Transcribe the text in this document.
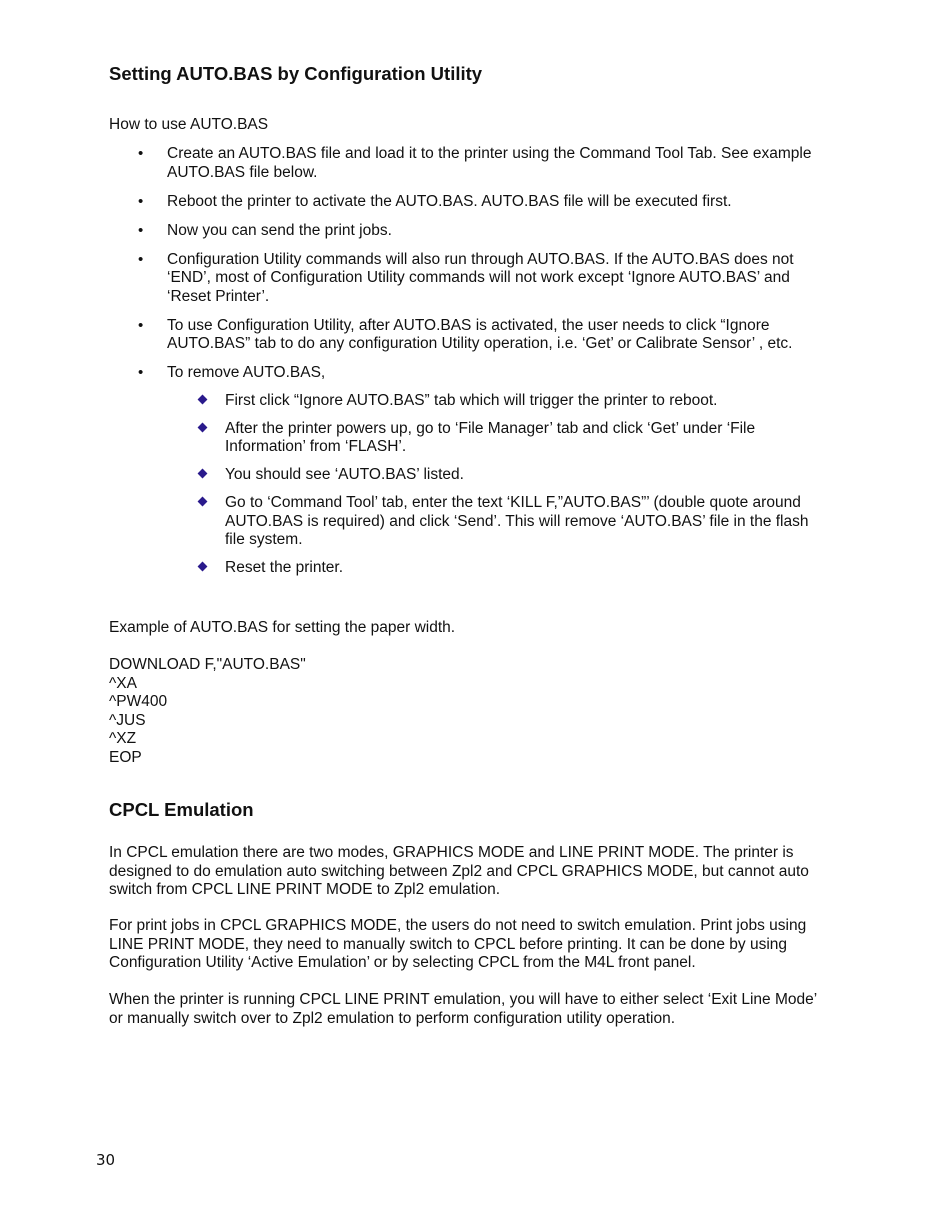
Setting AUTO.BAS by Configuration Utility

How to use AUTO.BAS

• Create an AUTO.BAS file and load it to the printer using the Command Tool Tab. See example AUTO.BAS file below.
• Reboot the printer to activate the AUTO.BAS. AUTO.BAS file will be executed first.
• Now you can send the print jobs.
• Configuration Utility commands will also run through AUTO.BAS. If the AUTO.BAS does not ‘END’, most of Configuration Utility commands will not work except ‘Ignore AUTO.BAS’ and ‘Reset Printer’.
• To use Configuration Utility, after AUTO.BAS is activated, the user needs to click “Ignore AUTO.BAS” tab to do any configuration Utility operation, i.e. ‘Get’ or Calibrate Sensor’ , etc.
• To remove AUTO.BAS,
First click “Ignore AUTO.BAS” tab which will trigger the printer to reboot.
After the printer powers up, go to ‘File Manager’ tab and click ‘Get’ under ‘File Information’ from ‘FLASH’.
You should see ‘AUTO.BAS’ listed.
Go to ‘Command Tool’ tab, enter the text ‘KILL F,”AUTO.BAS”’ (double quote around AUTO.BAS is required) and click ‘Send’. This will remove ‘AUTO.BAS’ file in the flash file system.
Reset the printer.

Example of AUTO.BAS for setting the paper width.

DOWNLOAD F,"AUTO.BAS"
^XA
^PW400
^JUS
^XZ
EOP
CPCL Emulation

In CPCL emulation there are two modes, GRAPHICS MODE and LINE PRINT MODE. The printer is designed to do emulation auto switching between Zpl2 and CPCL GRAPHICS MODE, but cannot auto switch from CPCL LINE PRINT MODE to Zpl2 emulation.

For print jobs in CPCL GRAPHICS MODE, the users do not need to switch emulation. Print jobs using LINE PRINT MODE, they need to manually switch to CPCL before printing. It can be done by using Configuration Utility ‘Active Emulation’ or by selecting CPCL from the M4L front panel.

When the printer is running CPCL LINE PRINT emulation, you will have to either select ‘Exit Line Mode’ or manually switch over to Zpl2 emulation to perform configuration utility operation.

30
